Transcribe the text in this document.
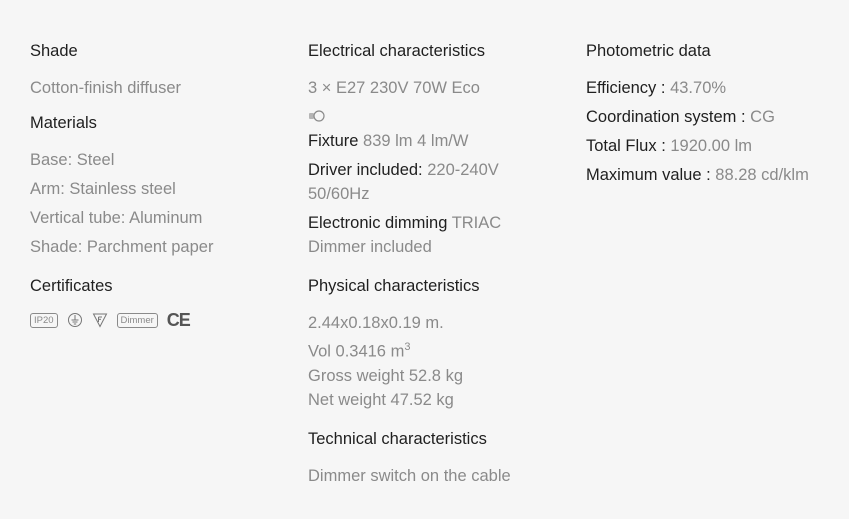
Shade

Cotton-finish diffuser

Materials

Base: Steel

Arm: Stainless steel

Vertical tube: Aluminum

Shade: Parchment paper

Certificates
IP20	Dimmer CE
Electrical characteristics

3 × E27 230V 70W Eco

Fixture 839 lm 4 lm/W

Driver included: 220-240V 50/60Hz

Electronic dimming TRIAC

Dimmer included

Physical characteristics

2.44x0.18x0.19 m.

Vol 0.3416 $m^3$

Gross weight 52.8 kg

Net weight 47.52 kg

Technical characteristics

Dimmer switch on the cable

Photometric data

Efficiency : 43.70%

Coordination system : CG

Total Flux : 1920.00 lm

Maximum value : 88.28 cd/klm
